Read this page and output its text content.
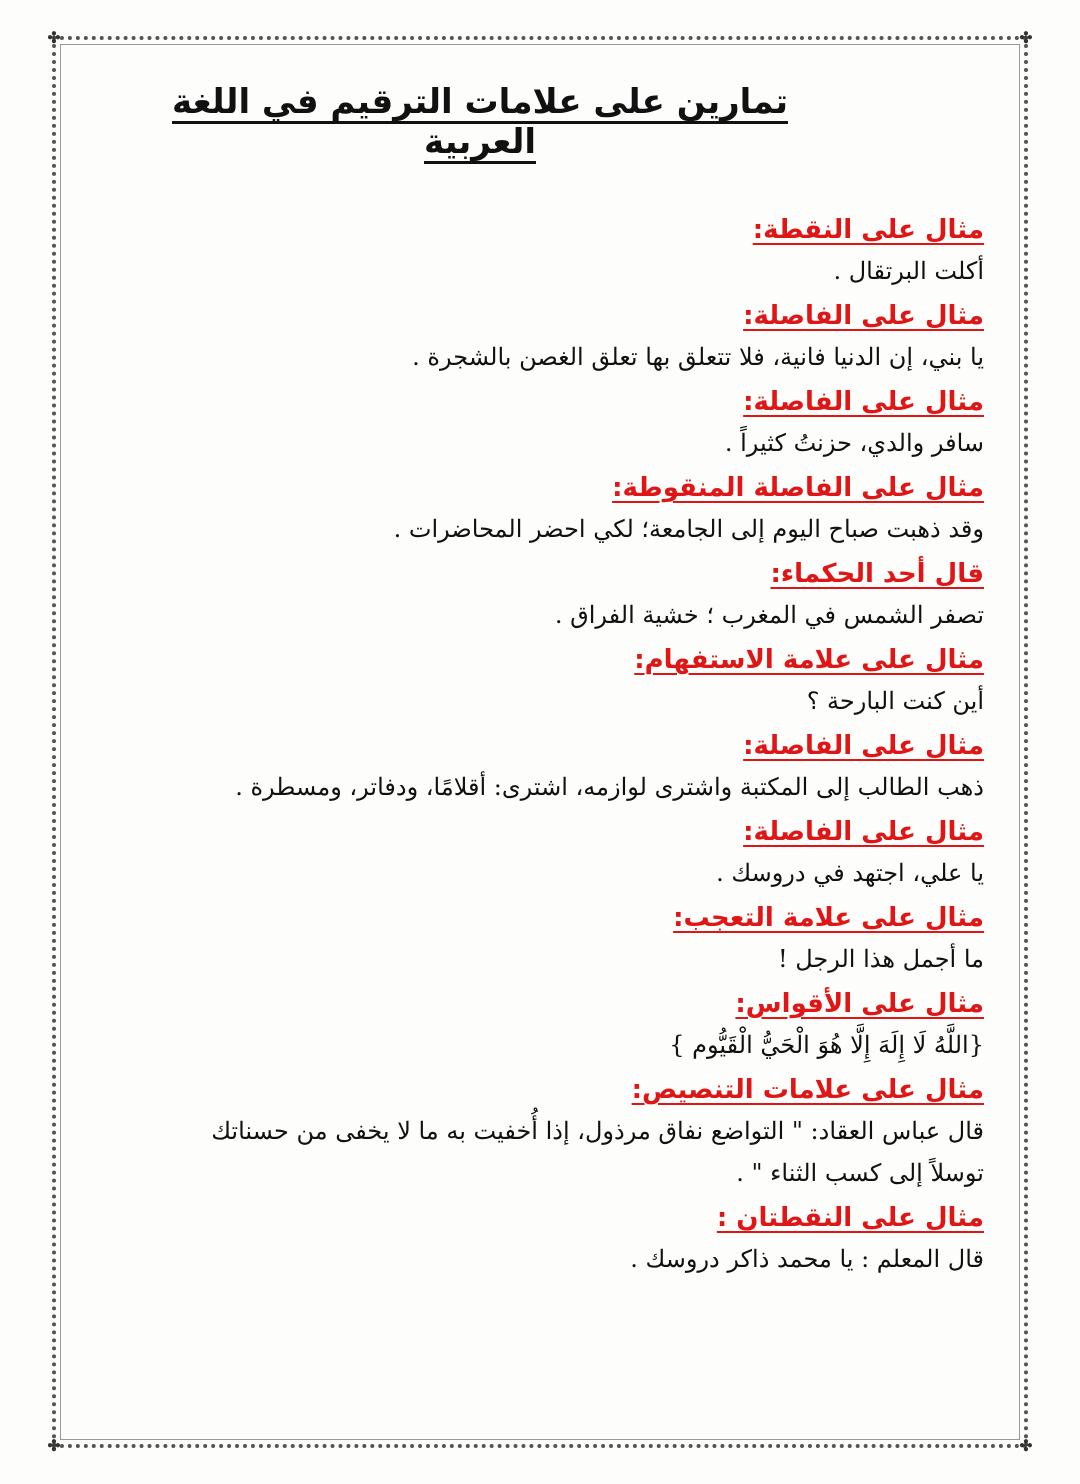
✤	✤
✤	✤
تمارين على علامات الترقيم في اللغة العربية
مثال على النقطة:
أكلت البرتقال .
مثال على الفاصلة:
يا بني، إن الدنيا فانية، فلا تتعلق بها تعلق الغصن بالشجرة .
مثال على الفاصلة:
سافر والدي، حزنتُ كثيراً .
مثال على الفاصلة المنقوطة:
وقد ذهبت صباح اليوم إلى الجامعة؛ لكي احضر المحاضرات .
قال أحد الحكماء:
تصفر الشمس في المغرب ؛ خشية الفراق .
مثال على علامة الاستفهام:
أين كنت البارحة ؟
مثال على الفاصلة:
ذهب الطالب إلى المكتبة واشترى لوازمه، اشترى: أقلامًا، ودفاتر، ومسطرة .
مثال على الفاصلة:
يا علي، اجتهد في دروسك .
مثال على علامة التعجب:
ما أجمل هذا الرجل !
مثال على الأقواس:
{اللَّهُ لَا إِلَهَ إِلَّا هُوَ الْحَيُّ الْقَيُّوم }
مثال على علامات التنصيص:
قال عباس العقاد: " التواضع نفاق مرذول، إذا أُخفيت به ما لا يخفى من حسناتك
توسلاً إلى كسب الثناء " .
مثال على النقطتان :
قال المعلم : يا محمد ذاكر دروسك .
